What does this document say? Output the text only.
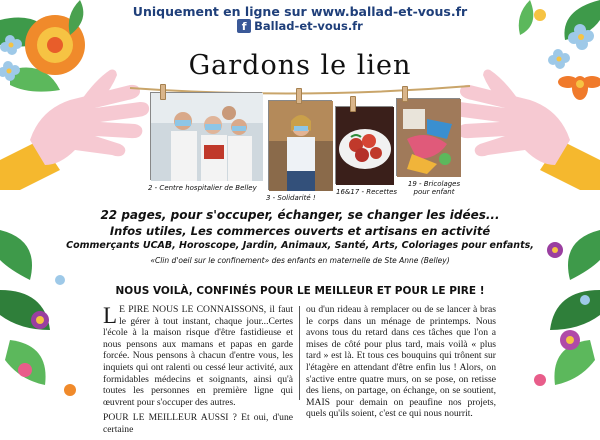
Uniquement en ligne sur www.ballad-et-vous.fr
f Ballad-et-vous.fr
Gardons le lien
2 - Centre hospitalier de Belley
3 - Solidarité !
16&17 - Recettes
19 - Bricolages pour enfant
22 pages, pour s'occuper, échanger, se changer les idées...
Infos utiles, Les commerces ouverts et artisans en activité
Commerçants UCAB, Horoscope, Jardin, Animaux, Santé, Arts, Coloriages pour enfants,
«Clin d'oeil sur le confinement» des enfants en maternelle de Ste Anne (Belley)
NOUS VOILÀ, CONFINÉS POUR LE MEILLEUR ET POUR LE PIRE !

L E PIRE NOUS LE CONNAISSONS, il faut le gérer à tout instant, chaque jour...Certes l'école à la maison risque d'être fastidieuse et nous pensons aux mamans et papas en garde forcée. Nous pensons à chacun d'entre vous, les inquiets qui ont ralenti ou cessé leur activité, aux formidables médecins et soignants, ainsi qu'à toutes les personnes en première ligne qui œuvrent pour s'occuper des autres.

POUR LE MEILLEUR AUSSI ? Et oui, d'une certaine

ou d'un rideau à remplacer ou de se lancer à bras le corps dans un ménage de printemps. Nous avons tous du retard dans ces tâches que l'on a mises de côté pour plus tard, mais voilà « plus tard » est là. Et tous ces bouquins qui trônent sur l'étagère en attendant d'être enfin lus ! Alors, on s'active entre quatre murs, on se pose, on retisse des liens, on partage, on échange, on se soutient, MAIS pour demain on peaufine nos projets, quels qu'ils soient, c'est ce qui nous nourrit.
